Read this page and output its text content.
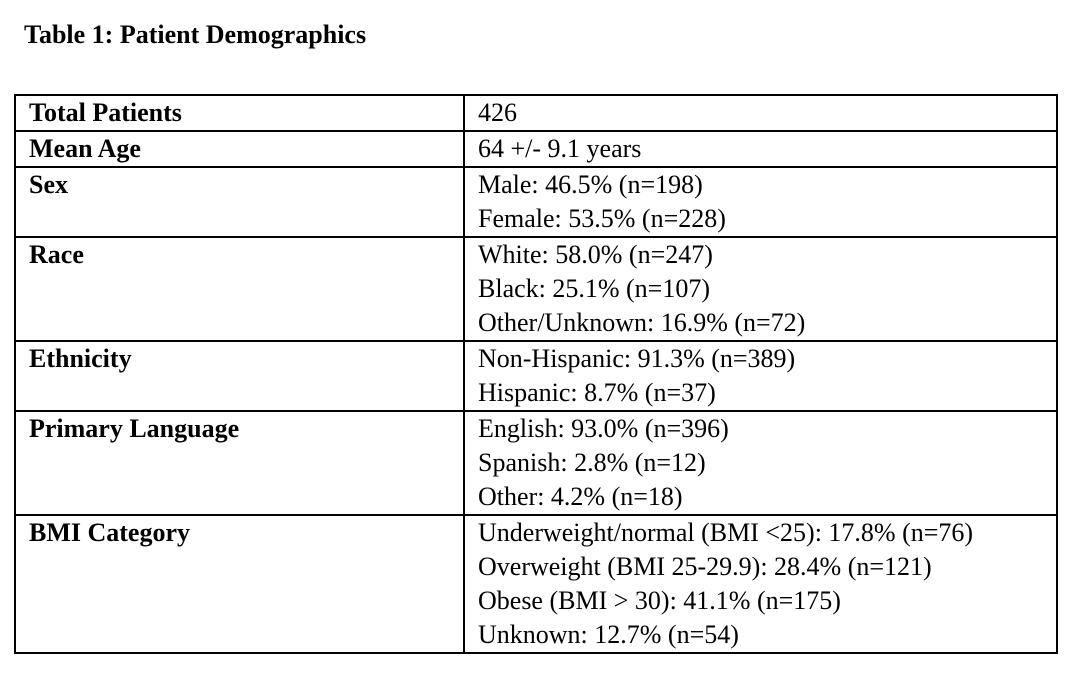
Table 1: Patient Demographics
Total Patients	426

Mean Age	64 +/- 9.1 years

Sex	Male: 46.5% (n=198)
Female: 53.5% (n=228)

Race	White: 58.0% (n=247)
Black: 25.1% (n=107)
Other/Unknown: 16.9% (n=72)

Ethnicity	Non-Hispanic: 91.3% (n=389)
Hispanic: 8.7% (n=37)

Primary Language	English: 93.0% (n=396)
Spanish: 2.8% (n=12)
Other: 4.2% (n=18)

BMI Category	Underweight/normal (BMI <25): 17.8% (n=76)
Overweight (BMI 25-29.9): 28.4% (n=121)
Obese (BMI > 30): 41.1% (n=175)
Unknown: 12.7% (n=54)
